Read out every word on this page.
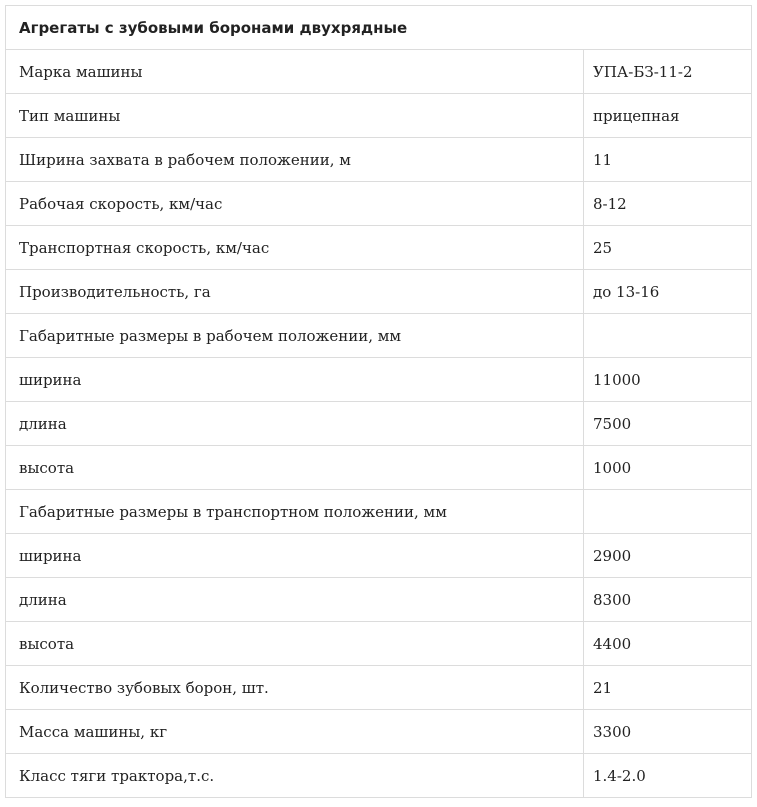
Агрегаты с зубовыми боронами двухрядные	
Марка машины	УПА-БЗ-11-2
Тип машины	прицепная
Ширина захвата в рабочем положении, м	11
Рабочая скорость, км/час	8-12
Транспортная скорость, км/час	25
Производительность, га	до 13-16
Габаритные размеры в рабочем положении, мм	
ширина	11000
длина	7500
высота	1000
Габаритные размеры в транспортном положении, мм	
ширина	2900
длина	8300
высота	4400
Количество зубовых борон, шт.	21
Масса машины, кг	3300
Класс тяги трактора,т.с.	1.4-2.0
